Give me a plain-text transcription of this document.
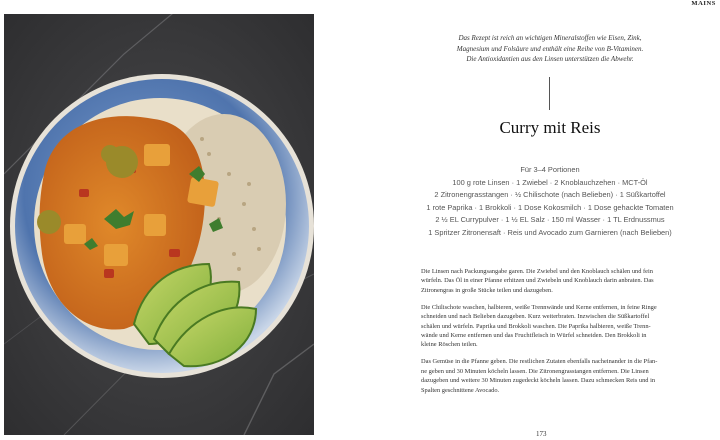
MAINS
Das Rezept ist reich an wichtigen Mineralstoffen wie Eisen, Zink,
Magnesium und Folsäure und enthält eine Reihe von B-Vitaminen.
Die Antioxidantien aus den Linsen unterstützen die Abwehr.
Curry mit Reis
Für 3–4 Portionen
100 g rote Linsen · 1 Zwiebel · 2 Knoblauchzehen · MCT-Öl
2 Zitronengrasstangen · ½ Chilischote (nach Belieben) · 1 Süßkartoffel
1 rote Paprika · 1 Brokkoli · 1 Dose Kokosmilch · 1 Dose gehackte Tomaten
2 ½ EL Currypulver · 1 ½ EL Salz · 150 ml Wasser · 1 TL Erdnussmus
1 Spritzer Zitronensaft · Reis und Avocado zum Garnieren (nach Belieben)

Die Linsen nach Packungsangabe garen. Die Zwiebel und den Knoblauch schälen und fein
würfeln. Das Öl in einer Pfanne erhitzen und Zwiebeln und Knoblauch darin anbraten. Das
Zitronengras in große Stücke teilen und dazugeben.

Die Chilischote waschen, halbieren, weiße Trennwände und Kerne entfernen, in feine Ringe
schneiden und nach Belieben dazugeben. Kurz weiterbraten. Inzwischen die Süßkartoffel
schälen und würfeln. Paprika und Brokkoli waschen. Die Paprika halbieren, weiße Trenn-
wände und Kerne entfernen und das Fruchtfleisch in Würfel schneiden. Den Brokkoli in
kleine Röschen teilen.

Das Gemüse in die Pfanne geben. Die restlichen Zutaten ebenfalls nacheinander in die Pfan-
ne geben und 30 Minuten köcheln lassen. Die Zitronengrasstangen entfernen. Die Linsen
dazugeben und weitere 30 Minuten zugedeckt köcheln lassen. Dazu schmecken Reis und in
Spalten geschnittene Avocado.

173
